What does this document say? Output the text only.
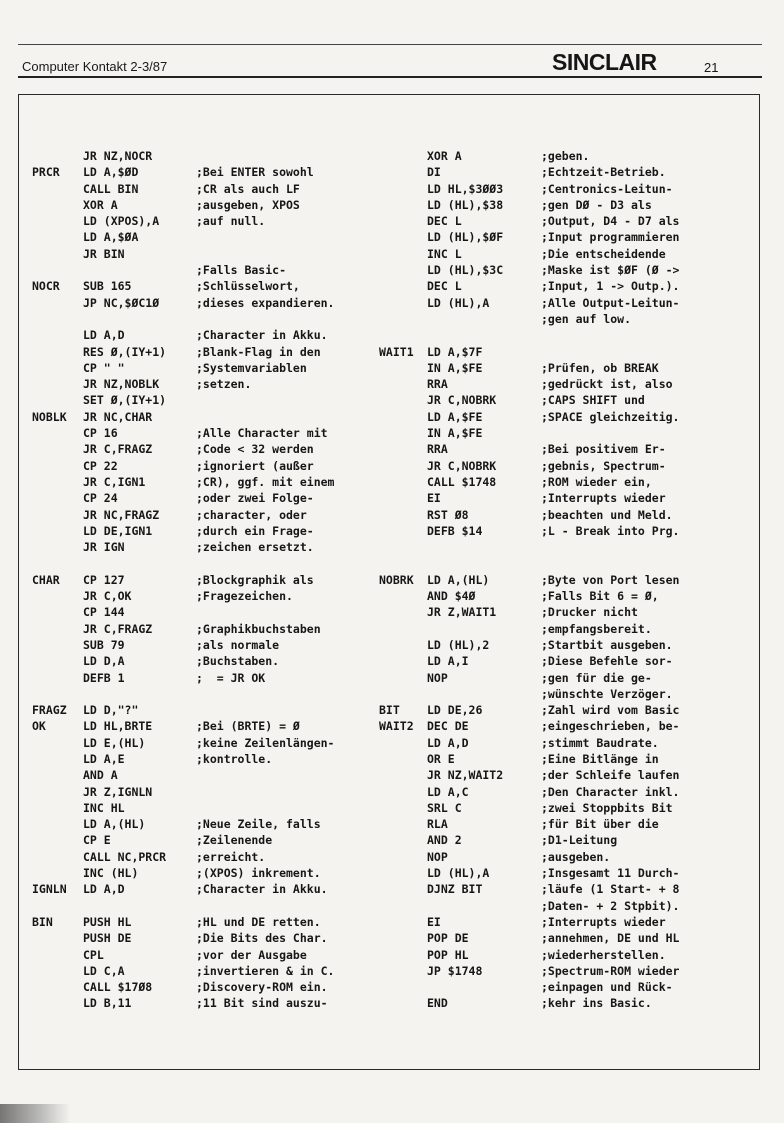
Computer Kontakt 2-3/87	SINCLAIR	21
JR NZ,NOCR
PRCR LD A,$ØD	;Bei ENTER sowohl
CALL BIN	;CR als auch LF
XOR A	;ausgeben, XPOS
LD (XPOS),A	;auf null.
LD A,$ØA
JR BIN
;Falls Basic-
NOCR SUB 165	;Schlüsselwort,
JP NC,$ØC1Ø	;dieses expandieren.
LD A,D	;Character in Akku.
RES Ø,(IY+1)	;Blank-Flag in den
CP " "	;Systemvariablen
JR NZ,NOBLK	;setzen.
SET Ø,(IY+1)
NOBLK JR NC,CHAR
CP 16	;Alle Character mit
JR C,FRAGZ	;Code < 32 werden
CP 22	;ignoriert (außer
JR C,IGN1	;CR), ggf. mit einem
CP 24	;oder zwei Folge-
JR NC,FRAGZ	;character, oder
LD DE,IGN1	;durch ein Frage-
JR IGN	;zeichen ersetzt.
CHAR CP 127	;Blockgraphik als
JR C,OK	;Fragezeichen.
CP 144
JR C,FRAGZ	;Graphikbuchstaben
SUB 79	;als normale
LD D,A	;Buchstaben.
DEFB 1	;  = JR OK
FRAGZ LD D,"?"
OK	LD HL,BRTE	;Bei (BRTE) = Ø
LD E,(HL)	;keine Zeilenlängen-
LD A,E	;kontrolle.
AND A
JR Z,IGNLN
INC HL
LD A,(HL)	;Neue Zeile, falls
CP E	;Zeilenende
CALL NC,PRCR	;erreicht.
INC (HL)	;(XPOS) inkrement.
IGNLN LD A,D	;Character in Akku.
BIN	PUSH HL	;HL und DE retten.
PUSH DE	;Die Bits des Char.
CPL	;vor der Ausgabe
LD C,A	;invertieren & in C.
CALL $17Ø8	;Discovery-ROM ein.
LD B,11	;11 Bit sind auszu-
XOR A	;geben.
DI	;Echtzeit-Betrieb.
LD HL,$3ØØ3	;Centronics-Leitun-
LD (HL),$38	;gen DØ - D3 als
DEC L	;Output, D4 - D7 als
LD (HL),$ØF	;Input programmieren
INC L	;Die entscheidende
LD (HL),$3C	;Maske ist $ØF (Ø ->
DEC L	;Input, 1 -> Outp.).
LD (HL),A	;Alle Output-Leitun-
;gen auf low.
WAIT1 LD A,$7F
IN A,$FE	;Prüfen, ob BREAK
RRA	;gedrückt ist, also
JR C,NOBRK	;CAPS SHIFT und
LD A,$FE	;SPACE gleichzeitig.
IN A,$FE
RRA	;Bei positivem Er-
JR C,NOBRK	;gebnis, Spectrum-
CALL $1748	;ROM wieder ein,
EI	;Interrupts wieder
RST Ø8	;beachten und Meld.
DEFB $14	;L - Break into Prg.
NOBRK LD A,(HL)	;Byte von Port lesen
AND $4Ø	;Falls Bit 6 = Ø,
JR Z,WAIT1	;Drucker nicht
;empfangsbereit.
LD (HL),2	;Startbit ausgeben.
LD A,I	;Diese Befehle sor-
NOP	;gen für die ge-
;wünschte Verzöger.
BIT LD DE,26	;Zahl wird vom Basic
WAIT2 DEC DE	;eingeschrieben, be-
LD A,D	;stimmt Baudrate.
OR E	;Eine Bitlänge in
JR NZ,WAIT2	;der Schleife laufen
LD A,C	;Den Character inkl.
SRL C	;zwei Stoppbits Bit
RLA	;für Bit über die
AND 2	;D1-Leitung
NOP	;ausgeben.
LD (HL),A	;Insgesamt 11 Durch-
DJNZ BIT	;läufe (1 Start- + 8
;Daten- + 2 Stpbit).
EI	;Interrupts wieder
POP DE	;annehmen, DE und HL
POP HL	;wiederherstellen.
JP $1748	;Spectrum-ROM wieder
;einpagen und Rück-
END	;kehr ins Basic.
